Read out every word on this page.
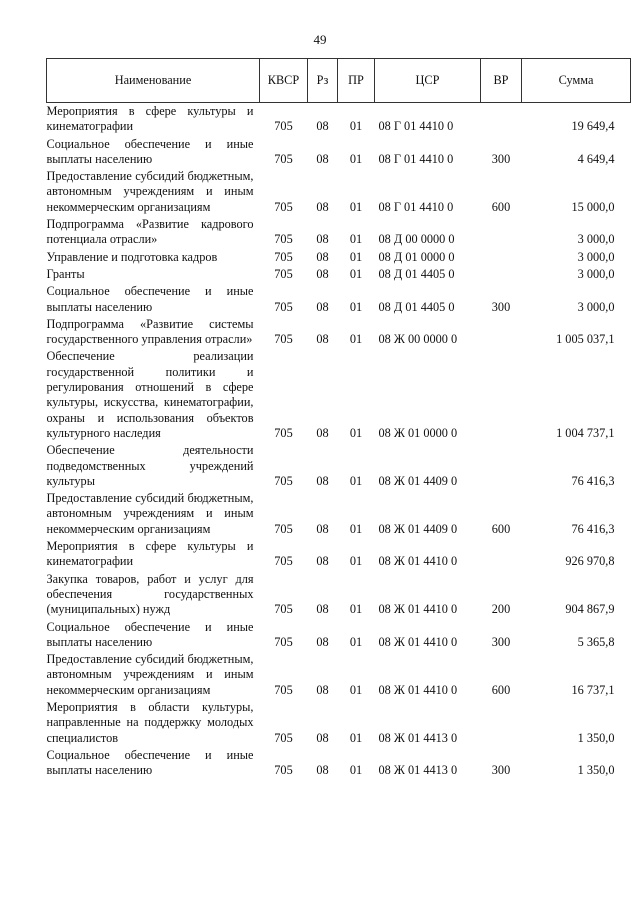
49
Наименование	КВСР	Рз	ПР	ЦСР	ВР	Сумма
Мероприятия в сфере культуры и кинематографии	705	08	01	08 Г 01 4410 0		19 649,4
Социальное обеспечение и иные выплаты населению	705	08	01	08 Г 01 4410 0	300	4 649,4
Предоставление субсидий бюджетным, автономным учреждениям и иным некоммерческим организациям	705	08	01	08 Г 01 4410 0	600	15 000,0
Подпрограмма «Развитие кадрового потенциала отрасли»	705	08	01	08 Д 00 0000 0		3 000,0
Управление и подготовка кадров	705	08	01	08 Д 01 0000 0		3 000,0
Гранты	705	08	01	08 Д 01 4405 0		3 000,0
Социальное обеспечение и иные выплаты населению	705	08	01	08 Д 01 4405 0	300	3 000,0
Подпрограмма «Развитие системы государственного управления отрасли»	705	08	01	08 Ж 00 0000 0		1 005 037,1
Обеспечение реализации государственной политики и регулирования отношений в сфере культуры, искусства, кинематографии, охраны и использования объектов культурного наследия	705	08	01	08 Ж 01 0000 0		1 004 737,1
Обеспечение деятельности подведомственных учреждений культуры	705	08	01	08 Ж 01 4409 0		76 416,3
Предоставление субсидий бюджетным, автономным учреждениям и иным некоммерческим организациям	705	08	01	08 Ж 01 4409 0	600	76 416,3
Мероприятия в сфере культуры и кинематографии	705	08	01	08 Ж 01 4410 0		926 970,8
Закупка товаров, работ и услуг для обеспечения государственных (муниципальных) нужд	705	08	01	08 Ж 01 4410 0	200	904 867,9
Социальное обеспечение и иные выплаты населению	705	08	01	08 Ж 01 4410 0	300	5 365,8
Предоставление субсидий бюджетным, автономным учреждениям и иным некоммерческим организациям	705	08	01	08 Ж 01 4410 0	600	16 737,1
Мероприятия в области культуры, направленные на поддержку молодых специалистов	705	08	01	08 Ж 01 4413 0		1 350,0
Социальное обеспечение и иные выплаты населению	705	08	01	08 Ж 01 4413 0	300	1 350,0
